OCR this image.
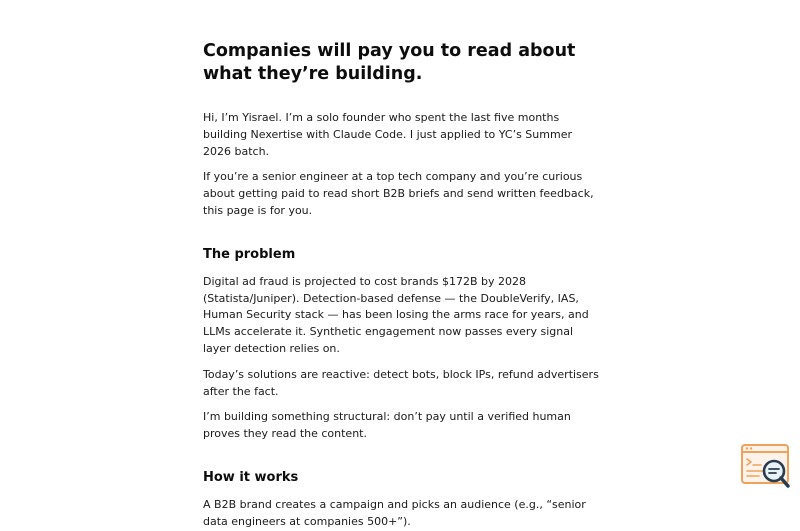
Companies will pay you to read about
what they’re building.

Hi, I’m Yisrael. I’m a solo founder who spent the last five months building Nexertise with Claude Code. I just applied to YC’s Summer 2026 batch.

If you’re a senior engineer at a top tech company and you’re curious about getting paid to read short B2B briefs and send written feedback, this page is for you.

The problem

Digital ad fraud is projected to cost brands $172B by 2028 (Statista/Juniper). Detection-based defense — the DoubleVerify, IAS, Human Security stack — has been losing the arms race for years, and LLMs accelerate it. Synthetic engagement now passes every signal layer detection relies on.

Today’s solutions are reactive: detect bots, block IPs, refund advertisers after the fact.

I’m building something structural: don’t pay until a verified human proves they read the content.

How it works

A B2B brand creates a campaign and picks an audience (e.g., “senior data engineers at companies 500+”).
